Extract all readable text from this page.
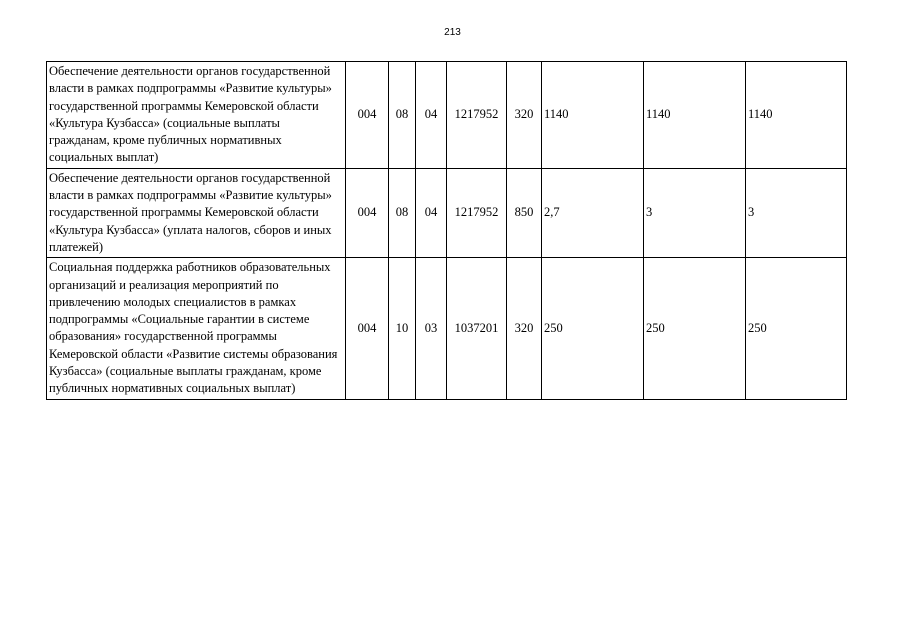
213
Обеспечение деятельности органов государственной власти в рамках подпрограммы «Развитие культуры» государственной программы Кемеровской области «Культура Кузбасса» (социальные выплаты гражданам, кроме публичных нормативных социальных выплат)	004	08	04	1217952	320	1140	1140	1140
Обеспечение деятельности органов государственной власти в рамках подпрограммы «Развитие культуры» государственной программы Кемеровской области «Культура Кузбасса» (уплата налогов, сборов и иных платежей)	004	08	04	1217952	850	2,7	3	3
Социальная поддержка работников образовательных организаций и реализация мероприятий по привлечению молодых специалистов в рамках подпрограммы «Социальные гарантии в системе образования» государственной программы Кемеровской области «Развитие системы образования Кузбасса» (социальные выплаты гражданам, кроме публичных нормативных социальных выплат)	004	10	03	1037201	320	250	250	250
